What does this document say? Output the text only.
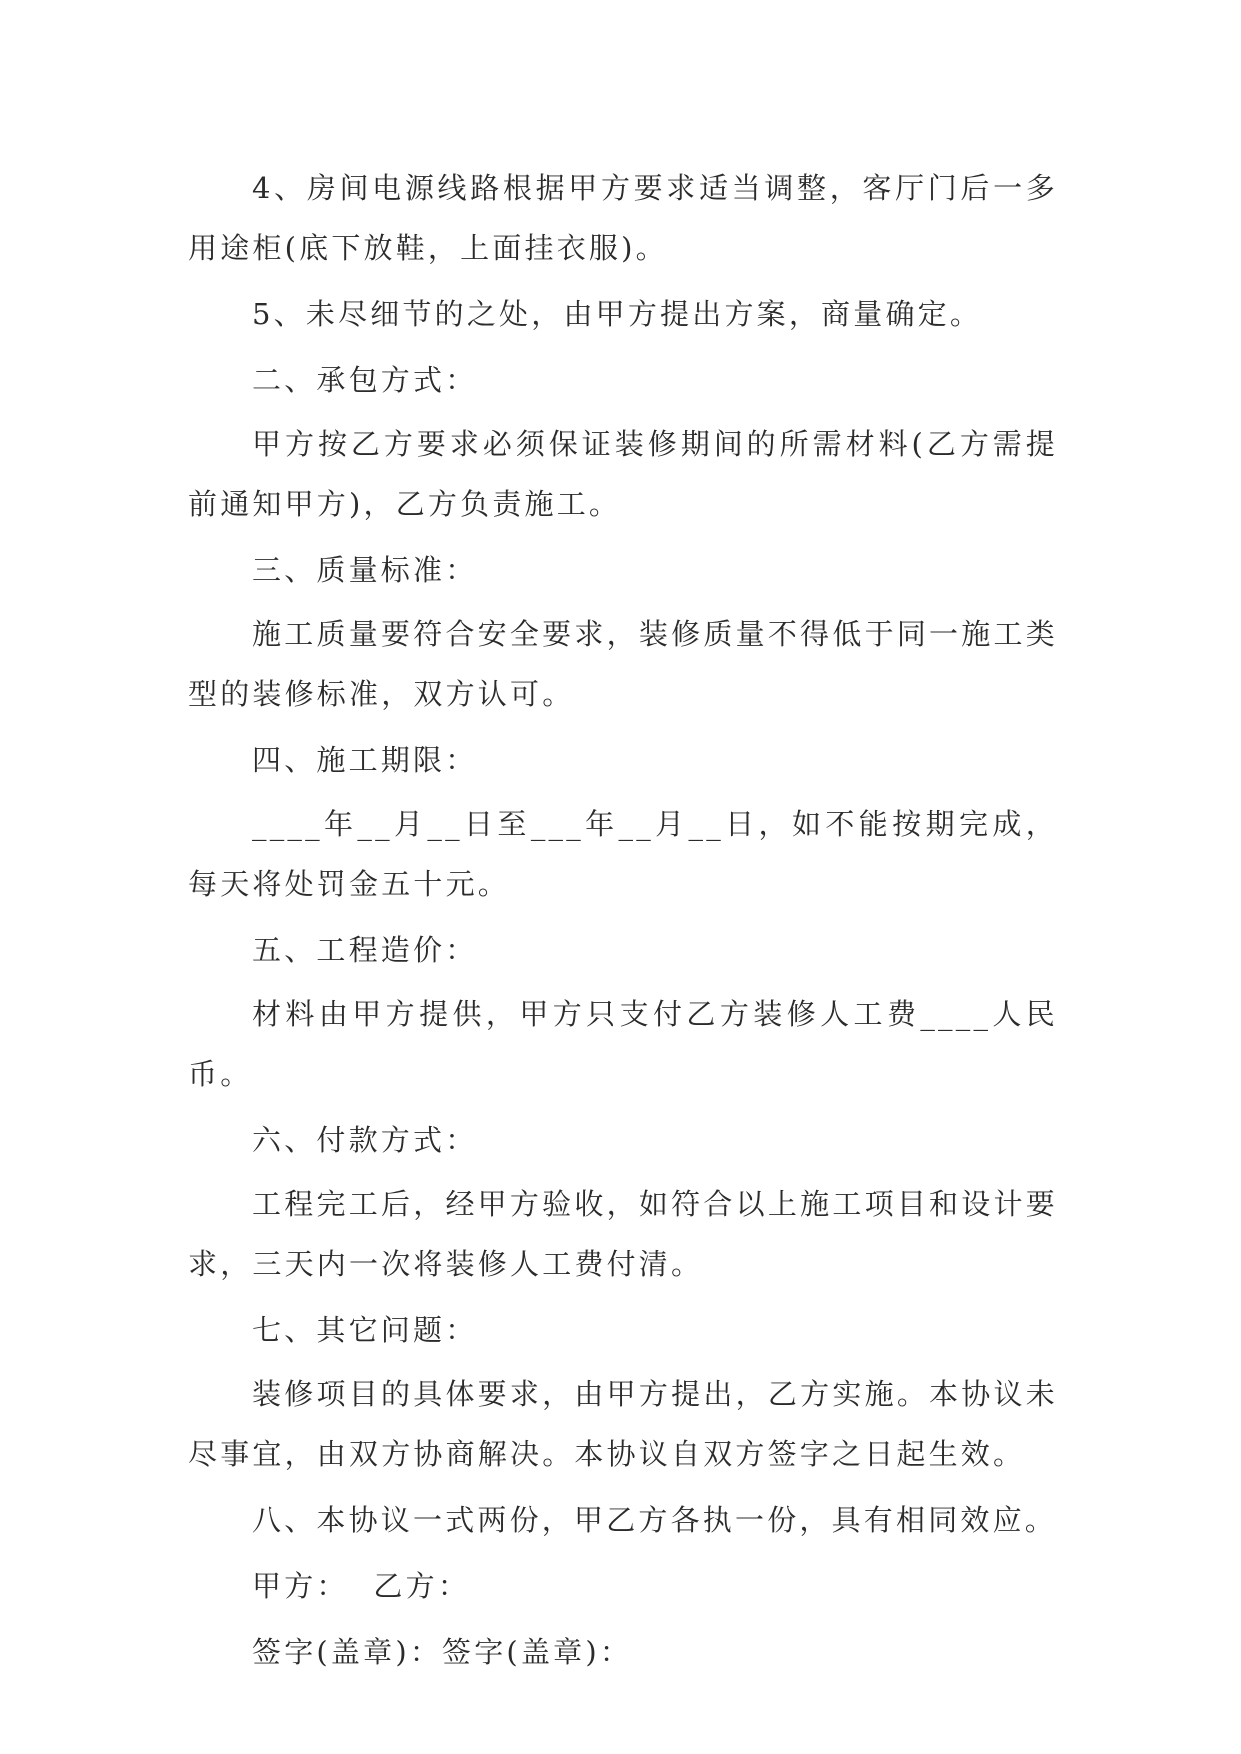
4、房间电源线路根据甲方要求适当调整，客厅门后一多用途柜(底下放鞋，上面挂衣服)。

5、未尽细节的之处，由甲方提出方案，商量确定。

二、承包方式：

甲方按乙方要求必须保证装修期间的所需材料(乙方需提前通知甲方)，乙方负责施工。

三、质量标准：

施工质量要符合安全要求，装修质量不得低于同一施工类型的装修标准，双方认可。

四、施工期限：

____年__月__日至___年__月__日，如不能按期完成，每天将处罚金五十元。

五、工程造价：

材料由甲方提供，甲方只支付乙方装修人工费____人民币。

六、付款方式：

工程完工后，经甲方验收，如符合以上施工项目和设计要求，三天内一次将装修人工费付清。

七、其它问题：

装修项目的具体要求，由甲方提出，乙方实施。本协议未尽事宜，由双方协商解决。本协议自双方签字之日起生效。

八、本协议一式两份，甲乙方各执一份，具有相同效应。

甲方：  乙方：

签字(盖章)：签字(盖章)：
